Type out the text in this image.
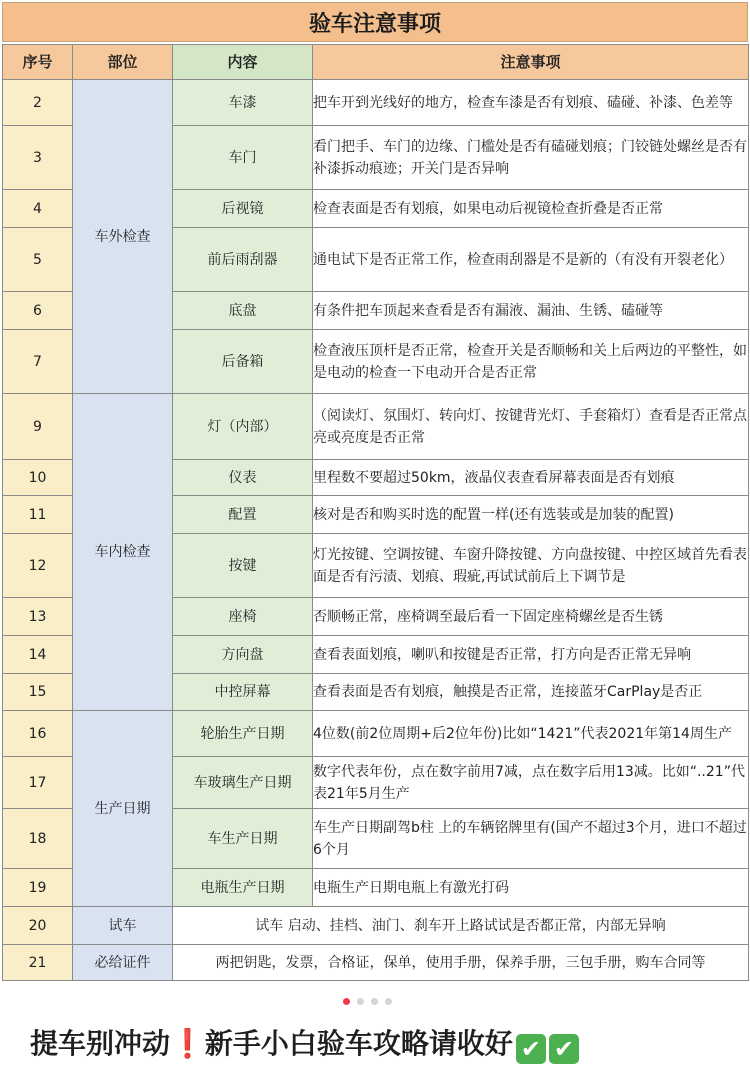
验车注意事项
序号	部位	内容	注意事项
2	车外检查	车漆	把车开到光线好的地方，检查车漆是否有划痕、磕碰、补漆、色差等
3		车门	看门把手、车门的边缘、门槛处是否有磕碰划痕；门铰链处螺丝是否有补漆拆动痕迹；开关门是否异响
4		后视镜	检查表面是否有划痕，如果电动后视镜检查折叠是否正常
5		前后雨刮器	通电试下是否正常工作，检查雨刮器是不是新的（有没有开裂老化）
6		底盘	有条件把车顶起来查看是否有漏液、漏油、生锈、磕碰等
7		后备箱	检查液压顶杆是否正常，检查开关是否顺畅和关上后两边的平整性，如是电动的检查一下电动开合是否正常
9	车内检查	灯（内部）	（阅读灯、氛围灯、转向灯、按键背光灯、手套箱灯）查看是否正常点亮或亮度是否正常
10		仪表	里程数不要超过50km，液晶仪表查看屏幕表面是否有划痕
11		配置	核对是否和购买时选的配置一样(还有选装或是加装的配置)
12		按键	灯光按键、空调按键、车窗升降按键、方向盘按键、中控区域首先看表面是否有污渍、划痕、瑕疵,再试试前后上下调节是
13		座椅	否顺畅正常，座椅调至最后看一下固定座椅螺丝是否生锈
14		方向盘	查看表面划痕，喇叭和按键是否正常，打方向是否正常无异响
15		中控屏幕	查看表面是否有划痕，触摸是否正常，连接蓝牙CarPlay是否正
16	生产日期	轮胎生产日期	4位数(前2位周期+后2位年份)比如“1421”代表2021年第14周生产
17		车玻璃生产日期	数字代表年份，点在数字前用7减，点在数字后用13减。比如“..21”代表21年5月生产
18		车生产日期	车生产日期副驾b柱 上的车辆铭牌里有(国产不超过3个月，进口不超过6个月
19		电瓶生产日期	电瓶生产日期电瓶上有激光打码
20	试车	试车 启动、挂档、油门、刹车开上路试试是否都正常，内部无异响	
21	必给证件	两把钥匙，发票，合格证，保单，使用手册，保养手册，三包手册，购车合同等	
提车别冲动❗新手小白验车攻略请收好 ✔ ✔
